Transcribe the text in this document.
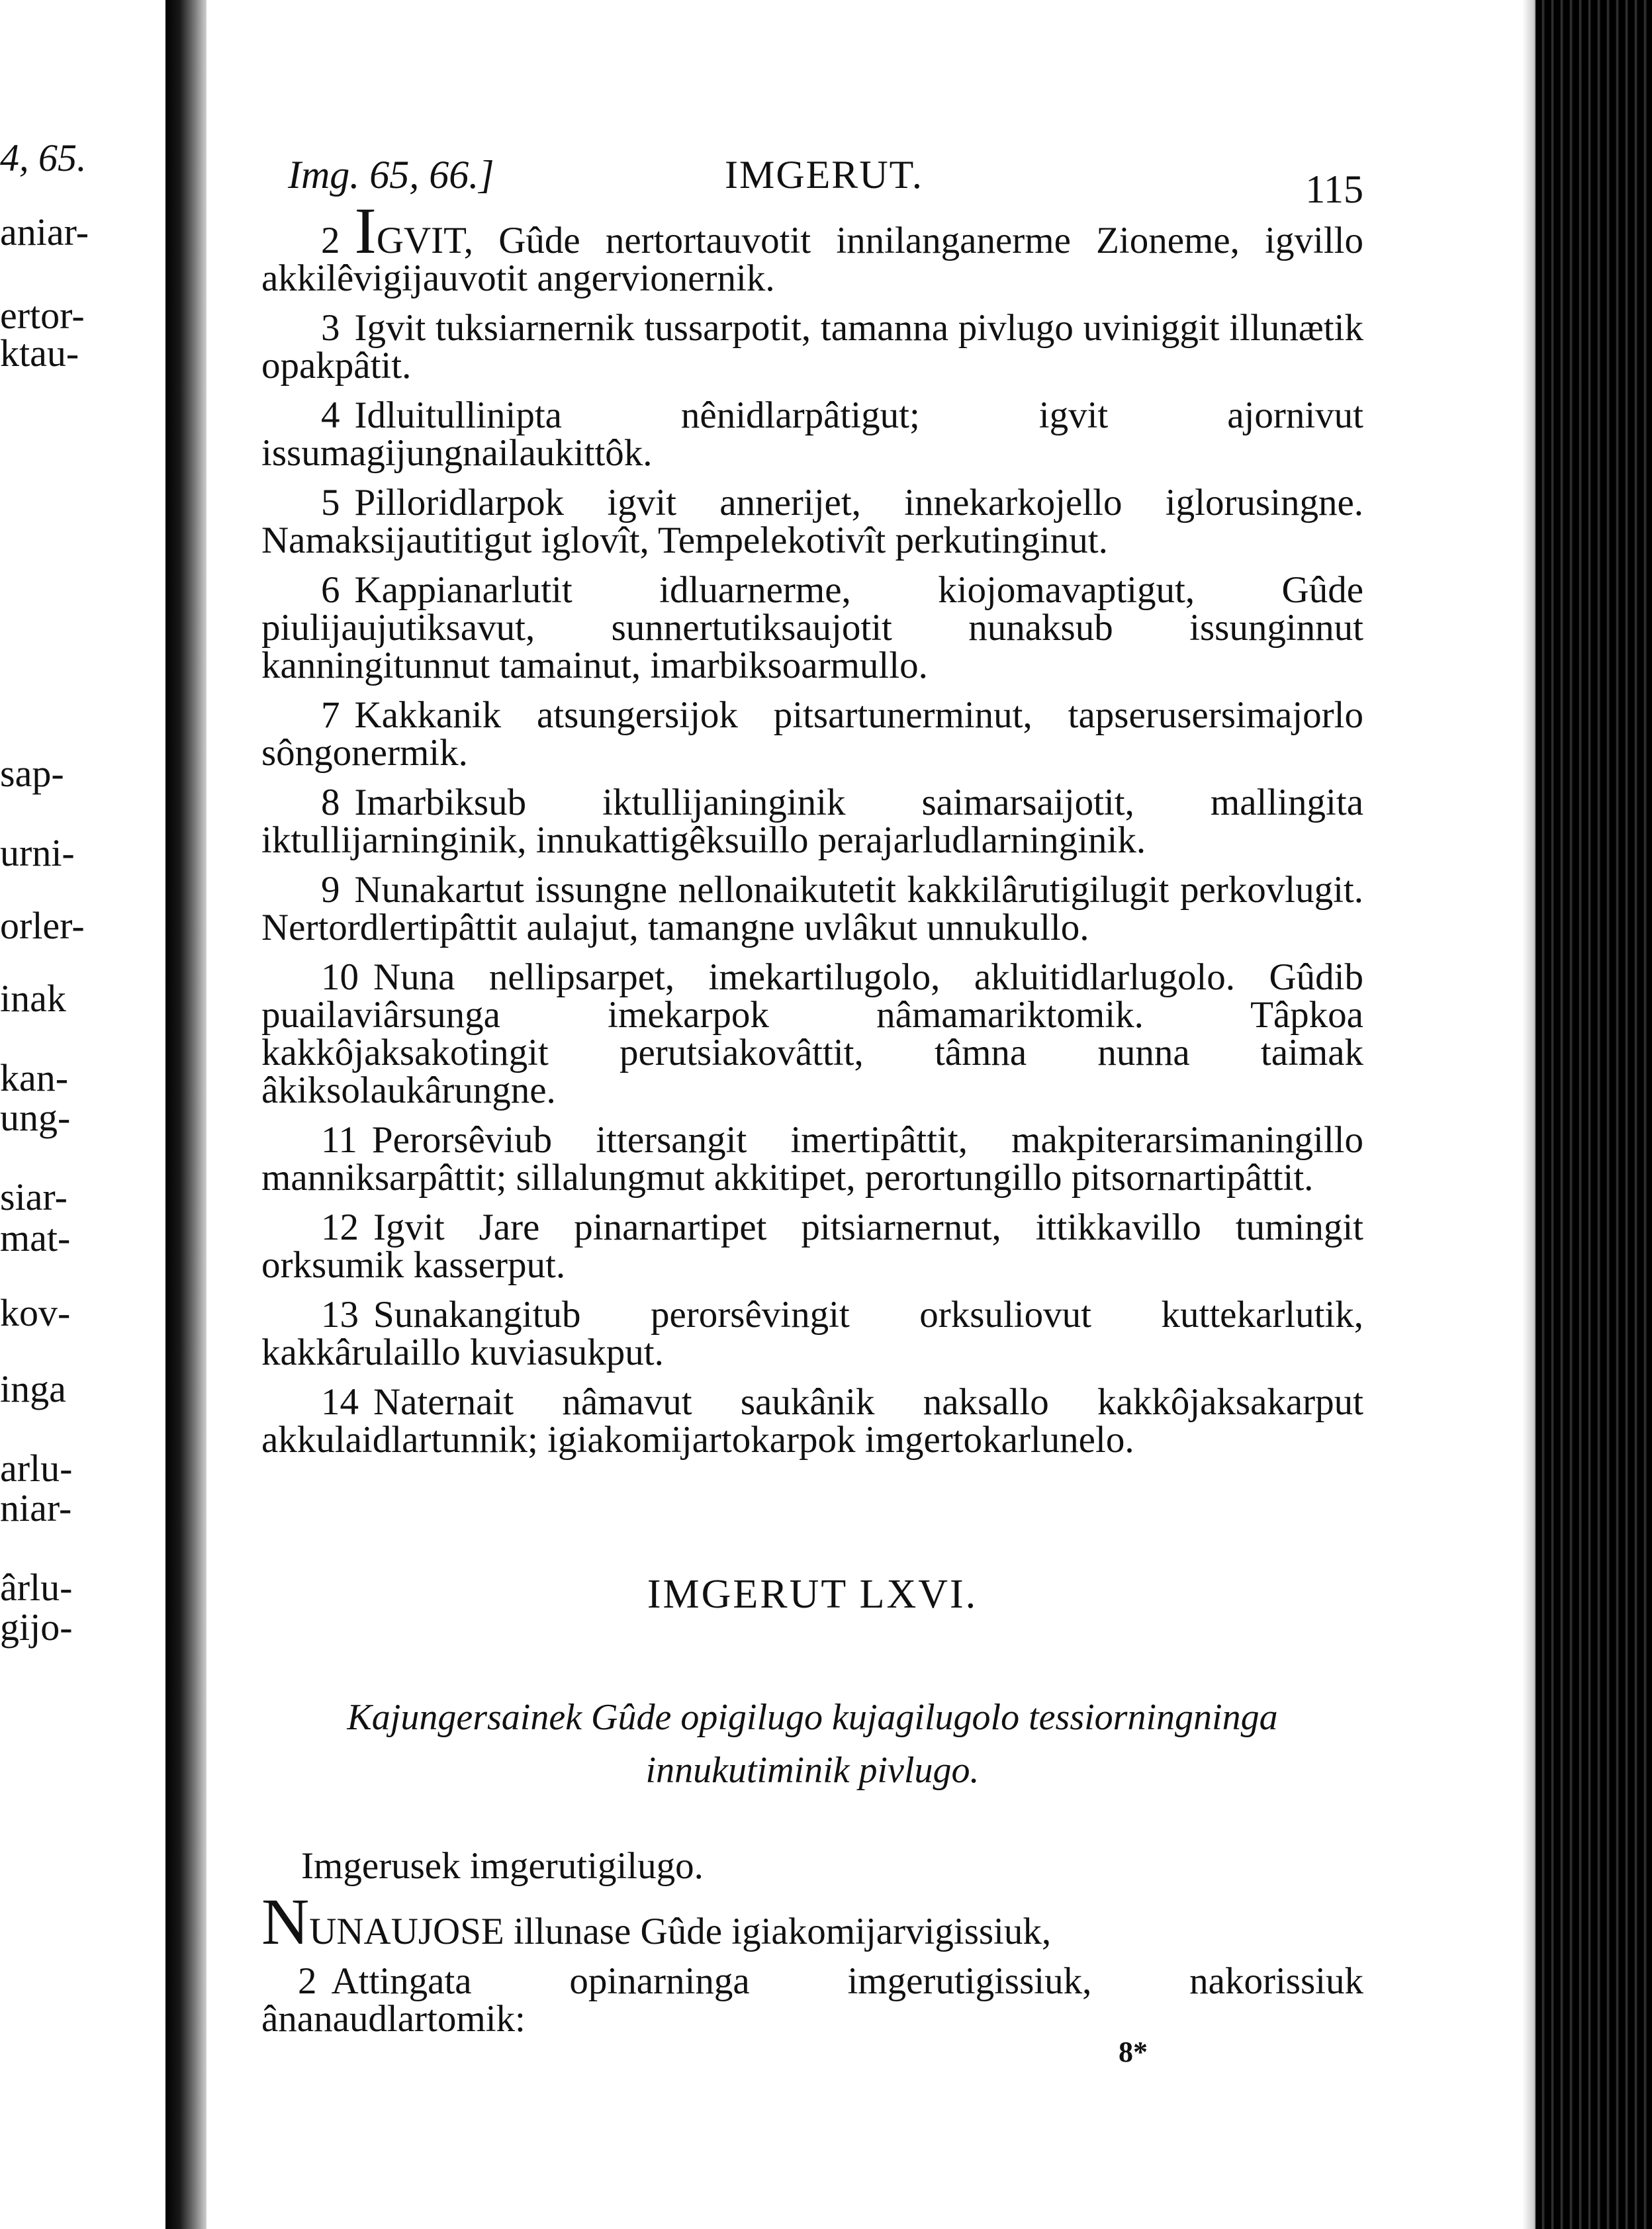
4, 65.
aniar-
ertor-
ktau-
sap-
urni-
orler-
inak
kan-
ung-
siar-
mat-
kov-
inga
arlu-
niar-
ârlu-
gijo-
Img. 65, 66.]	IMGERUT.	115

2 IGVIT, Gûde nertortauvotit innilanganerme Zioneme, igvillo akkilêvigijauvotit angervionernik.

3 Igvit tuksiarnernik tussarpotit, tamanna pivlugo uviniggit illunætik opakpâtit.

4 Idluitullinipta nênidlarpâtigut; igvit ajornivut issumagijungnailaukittôk.

5 Pilloridlarpok igvit annerijet, innekarkojello iglorusingne. Namaksijautitigut iglovît, Tempelekotivît perkutinginut.

6 Kappianarlutit idluarnerme, kiojomavaptigut, Gûde piulijaujutiksavut, sunnertutiksaujotit nunaksub issunginnut kanningitunnut tamainut, imarbiksoarmullo.

7 Kakkanik atsungersijok pitsartunerminut, tapserusersimajorlo sôngonermik.

8 Imarbiksub iktullijaninginik saimarsaijotit, mallingita iktullijarninginik, innukattigêksuillo perajarludlarninginik.

9 Nunakartut issungne nellonaikutetit kakkilârutigilugit perkovlugit. Nertordlertipâttit aulajut, tamangne uvlâkut unnukullo.

10 Nuna nellipsarpet, imekartilugolo, akluitidlarlugolo. Gûdib puailaviârsunga imekarpok nâmamariktomik. Tâpkoa kakkôjaksakotingit perutsiakovâttit, tâmna nunna taimak âkiksolaukârungne.

11 Perorsêviub ittersangit imertipâttit, makpiterarsimaningillo manniksarpâttit; sillalungmut akkitipet, perortungillo pitsornartipâttit.

12 Igvit Jare pinarnartipet pitsiarnernut, ittikkavillo tumingit orksumik kasserput.

13 Sunakangitub perorsêvingit orksuliovut kuttekarlutik, kakkârulaillo kuviasukput.

14 Naternait nâmavut saukânik naksallo kakkôjaksakarput akkulaidlartunnik; igiakomijartokarpok imgertokarlunelo.

IMGERUT LXVI.
Kajungersainek Gûde opigilugo kujagilugolo tessiorningninga
innukutiminik pivlugo.

Imgerusek imgerutigilugo.

NUNAUJOSE illunase Gûde igiakomijarvigissiuk,

2 Attingata opinarninga imgerutigissiuk, nakorissiuk ânanaudlartomik:

8*
